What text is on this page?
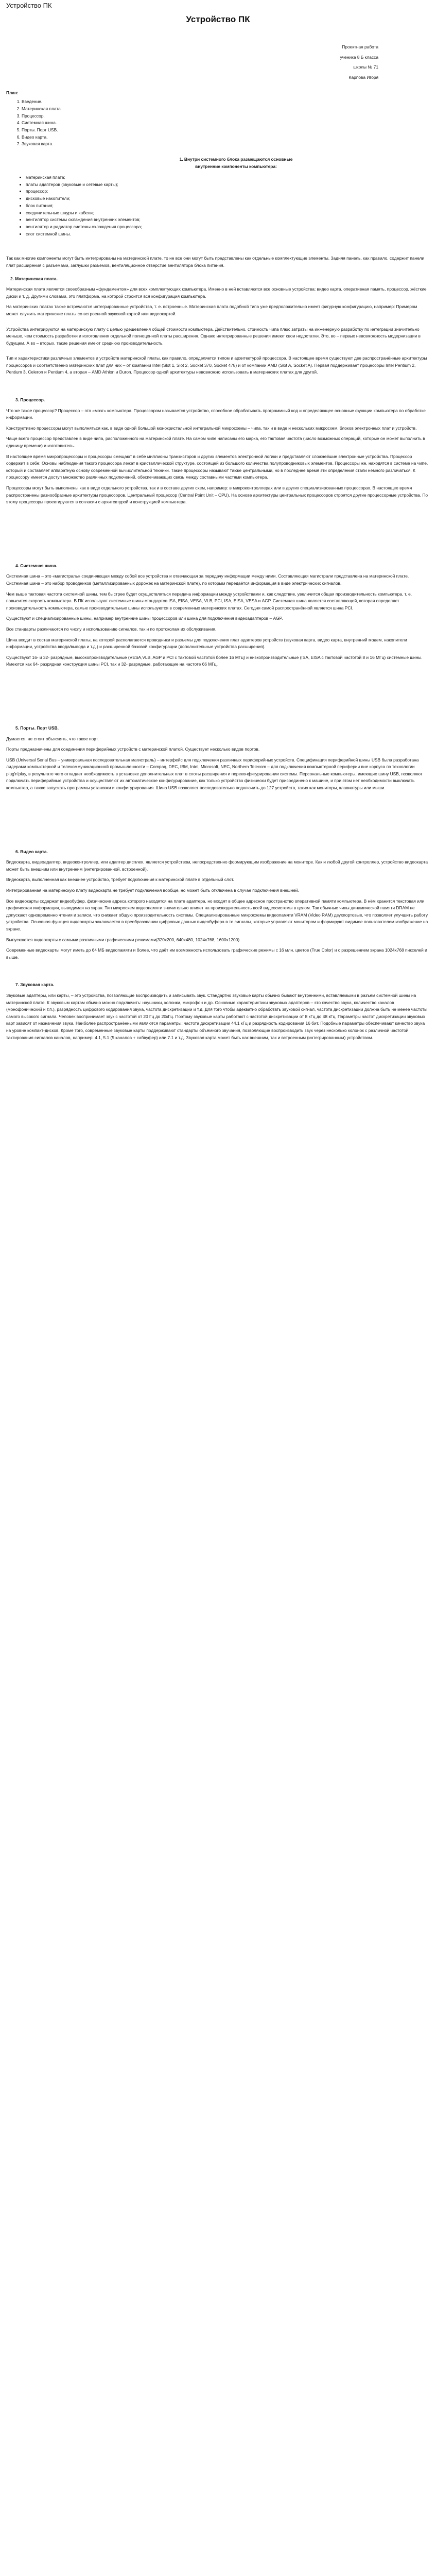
Устройство ПК
Устройство ПК

Проектная работа

ученика 8 Б класса

школы № 71

Карпова Игоря

План:
1. Введение.
2. Материнская плата.
3. Процессор.
4. Системная шина.
5. Порты. Порт USB.
6. Видео карта.
7. Звуковая карта.
1. Внутри системного блока размещаются основные
внутренние компоненты компьютера:
• материнская плата;
• платы адаптеров (звуковые и сетевые карты);
• процессор;
• дисковые накопители;
• блок питания;
• соединительные шнуры и кабели;
• вентилятор системы охлаждения внутренних элементов;
• вентилятор и радиатор системы охлаждения процессора;
• слот системной шины.

Так как многие компоненты могут быть интегрированы на материнской плате, то не все они могут быть представлены как отдельные комплектующие элементы. Задняя панель, как правило, содержит панели плат расширения с разъемами, заглушки разъёмов, вентиляционное отверстие вентилятора блока питания.

2. Материнская плата.

Материнская плата является своеобразным «фундаментом» для всех комплектующих компьютера. Именно в ней вставляются все основные устройства: видео карта, оперативная память, процессор, жёсткие диски и т. д. Другими словами, это платформа, на которой строится вся конфигурация компьютера.

На материнских платах также встречаются интегрированные устройства, т. е. встроенные. Материнская плата подобной типа уже предположительно имеет фигурную конфигурацию, например: Примером может служить материнские платы со встроенной звуковой картой или видеокартой.

Устройства интегрируются на материнскую плату с целью удешевления общей стоимости компьютера. Действительно, стоимость чипа плюс затраты на инженерную разработку по интеграции значительно меньше, чем стоимость разработки и изготовления отдельной полноценной платы расширения. Однако интегрированные решения имеют свои недостатки. Это, во – первых невозможность модернизации в будущем. А во – вторых, такие решения имеют среднюю производительность.

Тип и характеристики различных элементов и устройств материнской платы, как правило, определяется типом и архитектурой процессора. В настоящее время существуют две распространённые архитектуры процессоров и соответственно материнских плат для них – от компании Intel (Slot 1, Slot 2, Socket 370, Socket 478) и от компании AMD (Slot A, Socket A). Первая поддерживает процессоры Intel Pentium 2, Pentium 3, Celeron и Pentium 4, а вторая – AMD Athlon и Duron. Процессор одной архитектуры невозможно использовать в материнских платах для другой.

3. Процессор.

Что же такое процессор? Процессор – это «мозг» компьютера. Процессором называется устройство, способное обрабатывать программный код и определяющее основные функции компьютера по обработке информации.

Конструктивно процессоры могут выполняться как, в виде одной большой монокристальной интегральной микросхемы – чипа, так и в виде и нескольких микросхем, блоков электронных плат и устройств.

Чаще всего процессор представлен в виде чипа, расположенного на материнской плате. На самом чипе написаны его марка, его тактовая частота (число возможных операций, которые он может выполнить в единицу времени) и изготовитель.

В настоящее время микропроцессоры и процессоры смещают в себе миллионы транзисторов и других элементов электронной логики и представляют сложнейшие электронные устройства. Процессор содержит в себе: Основы наблюдения такого процессора лежат в кристаллической структуре, состоящей из большого количества полупроводниковых элементов. Процессоры же, находятся в системе на чипе, который и составляет аппаратную основу современной вычислительной техники. Такие процессоры называют также центральными, но в последнее время эти определения стали немного различаться. К процессору имеется доступ множество различных подключений, обеспечивающих связь между составными частями компьютера.

Процессоры могут быть выполнены как в виде отдельного устройства, так и в составе других схем, например: в микроконтроллерах или в других специализированных процессорах. В настоящее время распространены разнообразные архитектуры процессоров. Центральный процессор (Central Point Unit – CPU). На основе архитектуры центральных процессоров строятся другие процессорные устройства. По этому процессоры проектируются в согласии с архитектурой и конструкцией компьютера.

4. Системная шина.

Системная шина – это «магистраль» соединяющая между собой все устройства и отвечающая за передачу информации между ними. Составляющая магистрали представлена на материнской плате. Системная шина – это набор проводников (металлизированных дорожек на материнской плате), по которым передаётся информация в виде электрических сигналов.

Чем выше тактовая частота системной шины, тем быстрее будет осуществляться передача информации между устройствами и, как следствие, увеличится общая производительность компьютера, т. е. повысится скорость компьютера. В ПК используют системные шины стандартов ISA, EISA, VESA, VLB, PCI, ISA, EISA, VESA и AGP. Системная шина является составляющей, которая определяет производительность компьютера, самые производительные шины используются в современных материнских платах. Сегодня самой распространённой является шина PCI.

Существуют и специализированные шины, например внутренние шины процессоров или шина для подключения видеоадаптеров – AGP.

Все стандарты различаются по числу и использованию сигналов, так и по протоколам их обслуживания.

Шина входит в состав материнской платы, на которой располагаются проводники и разъемы для подключения плат адаптеров устройств (звуковая карта, видео карта, внутренний модем, накопители информации, устройства ввода/вывода и т.д.) и расширенной базовой конфигурации (дополнительные устройства расширения).

Существуют 16- и 32- разрядные, высокопроизводительные (VESA,VLB, AGP и PCI с тактовой частотой более 16 МГц) и низкопроизводительные (ISA, EISA с тактовой частотой 8 и 16 МГц) системные шины. Имеются как 64- разрядная конструкция шины PCI, так и 32- разрядные, работающие на частоте 66 МГц.

5. Порты. Порт USB.

Думается, не стоит объяснять, что такое порт.

Порты предназначены для соединения периферийных устройств с материнской платой. Существует несколько видов портов.

USB (Universal Serial Bus – универсальная последовательная магистраль) – интерфейс для подключения различных периферийных устройств. Спецификация периферийной шины USB была разработана лидерами компьютерной и телекоммуникационной промышленности – Compaq, DEC, IBM, Intel, Microsoft, NEC, Northern Telecom – для подключения компьютерной периферии вне корпуса по технологии plug'n'play, в результате чего отпадает необходимость в установке дополнительных плат в слоты расширения и переконфигурировании системы. Персональные компьютеры, имеющие шину USB, позволяют подключать периферийные устройства и осуществляют их автоматическое конфигурирование, как только устройство физически будет присоединено к машине, и при этом нет необходимости выключать компьютер, а также запускать программы установки и конфигурирования. Шина USB позволяет последовательно подключить до 127 устройств, таких как мониторы, клавиатуры или мыши.

6. Видео карта.

Видеокарта, видеоадаптер, видеоконтроллер, или адаптер дисплея, является устройством, непосредственно формирующим изображение на мониторе. Как и любой другой контроллер, устройство видеокарта может быть внешним или внутренним (интегрированной, встроенной).

Видеокарта, выполненная как внешнее устройство, требует подключения к материнской плате в отдельный слот.

Интегрированная на материнскую плату видеокарта не требует подключения вообще, но может быть отключена в случае подключения внешней.

Все видеокарты содержат видеобуфер, физические адреса которого находятся на плате адаптера, но входят в общее адресное пространство оперативной памяти компьютера. В нём хранится текстовая или графическая информация, выводимая на экран. Тип микросхем видеопамяти значительно влияет на производительность всей видеосистемы в целом. Так обычные чипы динамической памяти DRAM не допускают одновременно чтения и записи, что снижает общую производительность системы. Специализированные микросхемы видеопамяти VRAM (Video RAM) двухпортовые, что позволяет улучшить работу устройства. Основная функция видеокарты заключается в преобразовании цифровых данных видеобуфера в те сигналы, которые управляют монитором и формируют видимое пользователем изображение на экране.

Выпускаются видеокарты с самыми различными графическими режимами(320x200, 640x480, 1024x768, 1600x1200) .

Современные видеокарты могут иметь до 64 МБ видеопамяти и более, что даёт им возможность использовать графические режимы с 16 млн. цветов (True Color) и с разрешением экрана 1024x768 пикселей и выше.

7. Звуковая карта.

Звуковые адаптеры, или карты, – это устройства, позволяющие воспроизводить и записывать звук. Стандартно звуковые карты обычно бывают внутренними, вставляемыми в разъём системной шины на материнской плате. К звуковым картам обычно можно подключить: наушники, колонки, микрофон и др. Основные характеристики звуковых адаптеров – это качество звука, количество каналов (монофонический и т.п.), разрядность цифрового кодирования звука, частота дискретизации и т.д. Для того чтобы адекватно обработать звуковой сигнал, частота дискретизации должна быть не менее частоты самого высокого сигнала. Человек воспринимает звук с частотой от 20 Гц до 20кГц. Поэтому звуковые карты работают с частотой дискретизации от 8 кГц до 48 кГц. Параметры частот дискретизации звуковых карт зависят от назначения звука. Наиболее распространёнными являются параметры: частота дискретизации 44,1 кГц и разрядность кодирования 16 бит. Подобные параметры обеспечивают качество звука на уровне компакт-дисков. Кроме того, современные звуковые карты поддерживают стандарты объёмного звучания, позволяющие воспроизводить звук через несколько колонок с различной частотой тактирования сигналов каналов, например: 4.1, 5.1 (5 каналов + сабвуфер) или 7.1 и т.д. Звуковая карта может быть как внешним, так и встроенным (интегрированным) устройством.
